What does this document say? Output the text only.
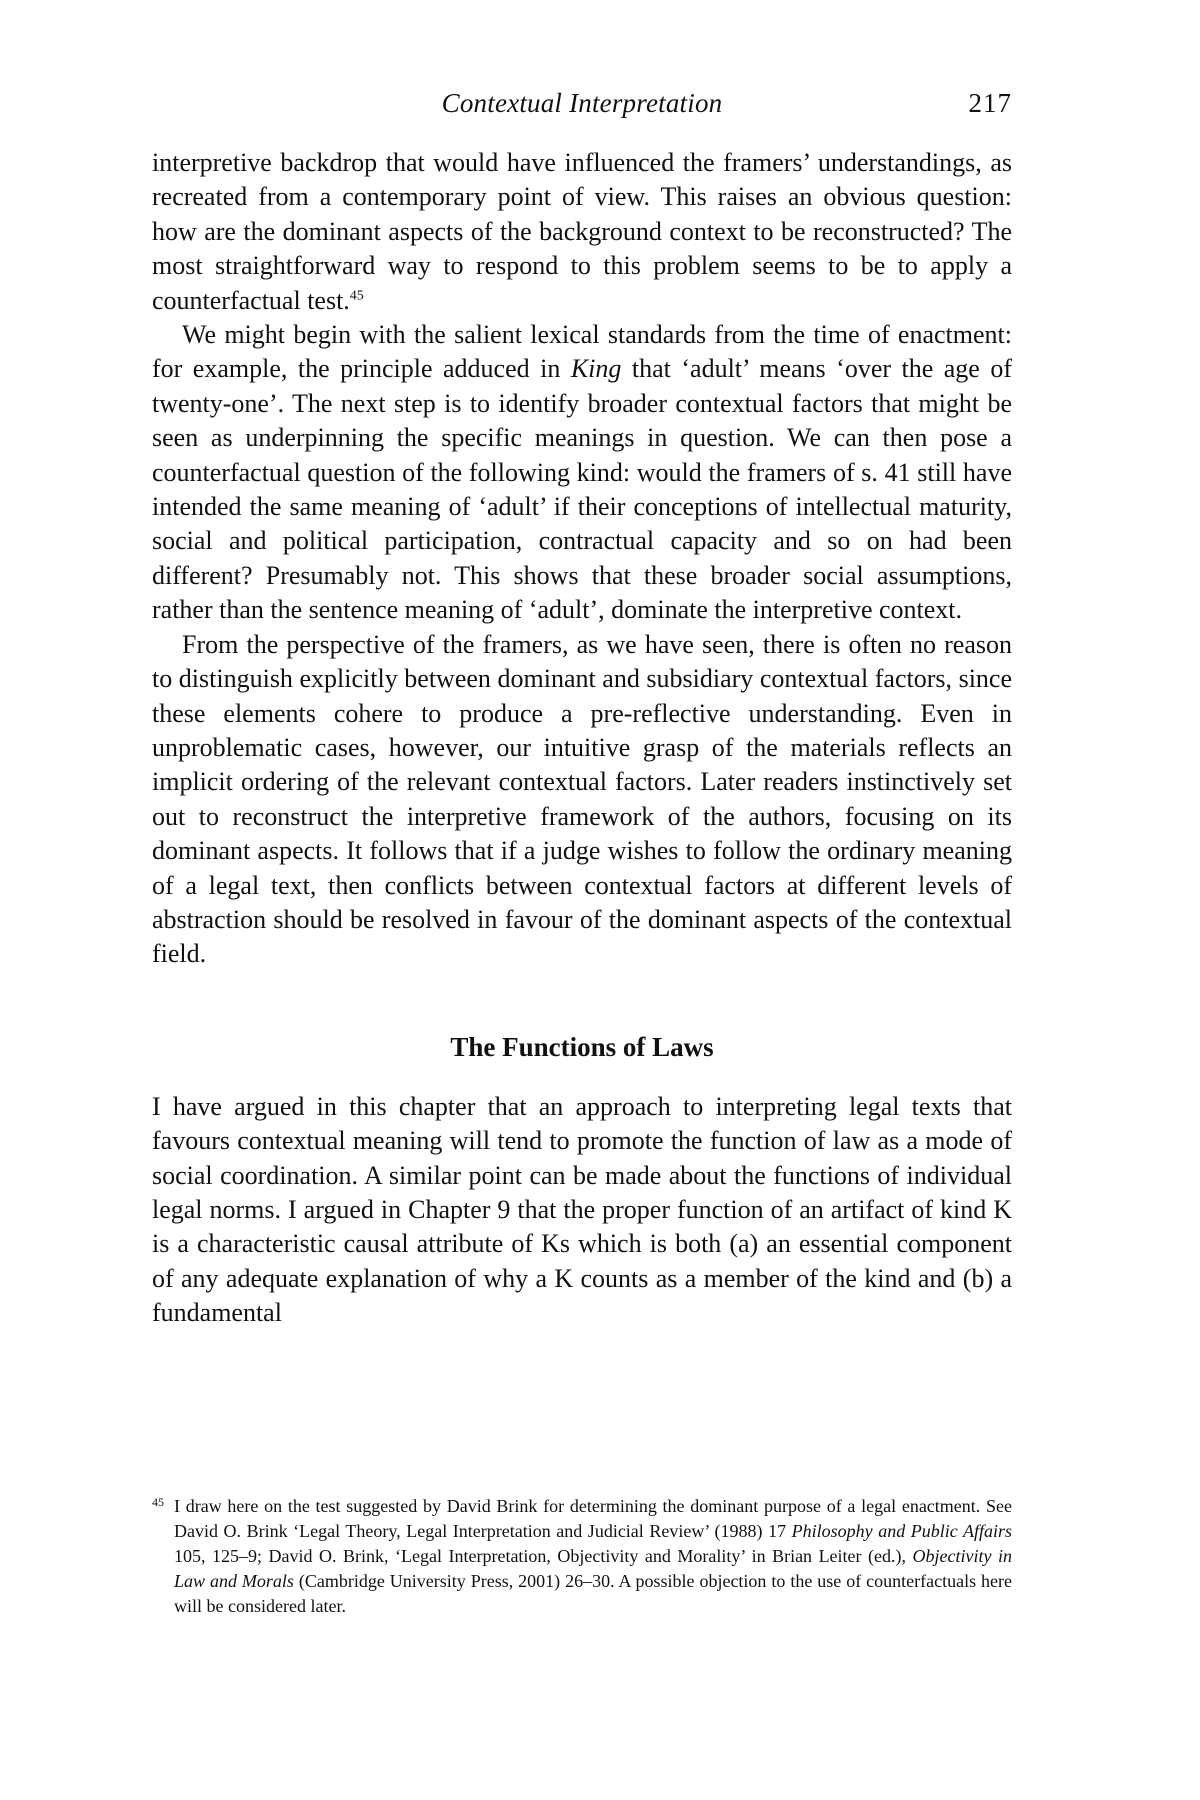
Contextual Interpretation	217

interpretive backdrop that would have influenced the framers’ understandings, as recreated from a contemporary point of view. This raises an obvious question: how are the dominant aspects of the background context to be reconstructed? The most straightforward way to respond to this problem seems to be to apply a counterfactual test.$^{45}$

We might begin with the salient lexical standards from the time of enactment: for example, the principle adduced in King that ‘adult’ means ‘over the age of twenty-one’. The next step is to identify broader contextual factors that might be seen as underpinning the specific meanings in question. We can then pose a counterfactual question of the following kind: would the framers of s. 41 still have intended the same meaning of ‘adult’ if their conceptions of intellectual maturity, social and political participation, contractual capacity and so on had been different? Presumably not. This shows that these broader social assumptions, rather than the sentence meaning of ‘adult’, dominate the interpretive context.

From the perspective of the framers, as we have seen, there is often no reason to distinguish explicitly between dominant and subsidiary contextual factors, since these elements cohere to produce a pre-reflective understanding. Even in unproblematic cases, however, our intuitive grasp of the materials reflects an implicit ordering of the relevant contextual factors. Later readers instinctively set out to reconstruct the interpretive framework of the authors, focusing on its dominant aspects. It follows that if a judge wishes to follow the ordinary meaning of a legal text, then conflicts between contextual factors at different levels of abstraction should be resolved in favour of the dominant aspects of the contextual field.

The Functions of Laws

I have argued in this chapter that an approach to interpreting legal texts that favours contextual meaning will tend to promote the function of law as a mode of social coordination. A similar point can be made about the functions of individual legal norms. I argued in Chapter 9 that the proper function of an artifact of kind K is a characteristic causal attribute of Ks which is both (a) an essential component of any adequate explanation of why a K counts as a member of the kind and (b) a fundamental

45 I draw here on the test suggested by David Brink for determining the dominant purpose of a legal enactment. See David O. Brink ‘Legal Theory, Legal Interpretation and Judicial Review’ (1988) 17 Philosophy and Public Affairs 105, 125–9; David O. Brink, ‘Legal Interpretation, Objectivity and Morality’ in Brian Leiter (ed.), Objectivity in Law and Morals (Cambridge University Press, 2001) 26–30. A possible objection to the use of counterfactuals here will be considered later.
